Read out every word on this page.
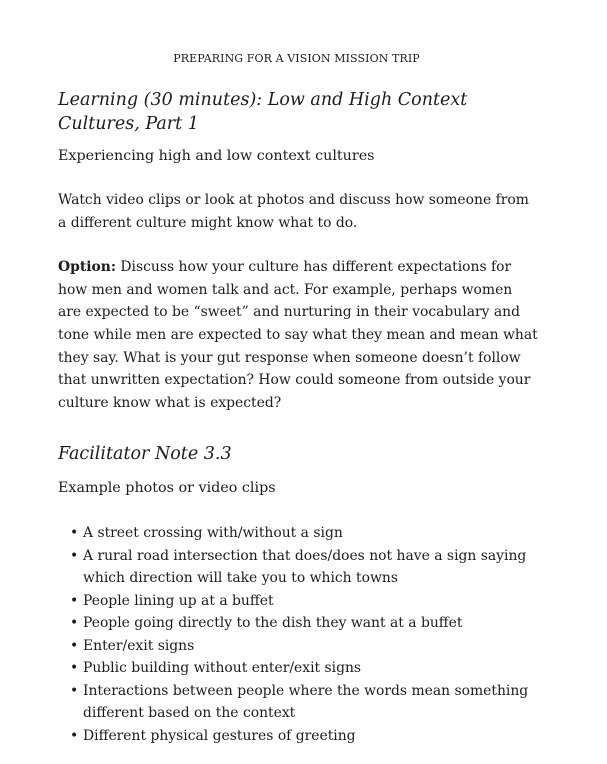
PREPARING FOR A VISION MISSION TRIP
Learning (30 minutes): Low and High Context Cultures, Part 1

Experiencing high and low context cultures

Watch video clips or look at photos and discuss how someone from a different culture might know what to do.

Option: Discuss how your culture has different expectations for how men and women talk and act. For example, perhaps women are expected to be “sweet” and nurturing in their vocabulary and tone while men are expected to say what they mean and mean what they say. What is your gut response when someone doesn’t follow that unwritten expectation? How could someone from outside your culture know what is expected?

Facilitator Note 3.3

Example photos or video clips

• A street crossing with/without a sign
• A rural road intersection that does/does not have a sign saying which direction will take you to which towns
• People lining up at a buffet
• People going directly to the dish they want at a buffet
• Enter/exit signs
• Public building without enter/exit signs
• Interactions between people where the words mean something different based on the context
• Different physical gestures of greeting
